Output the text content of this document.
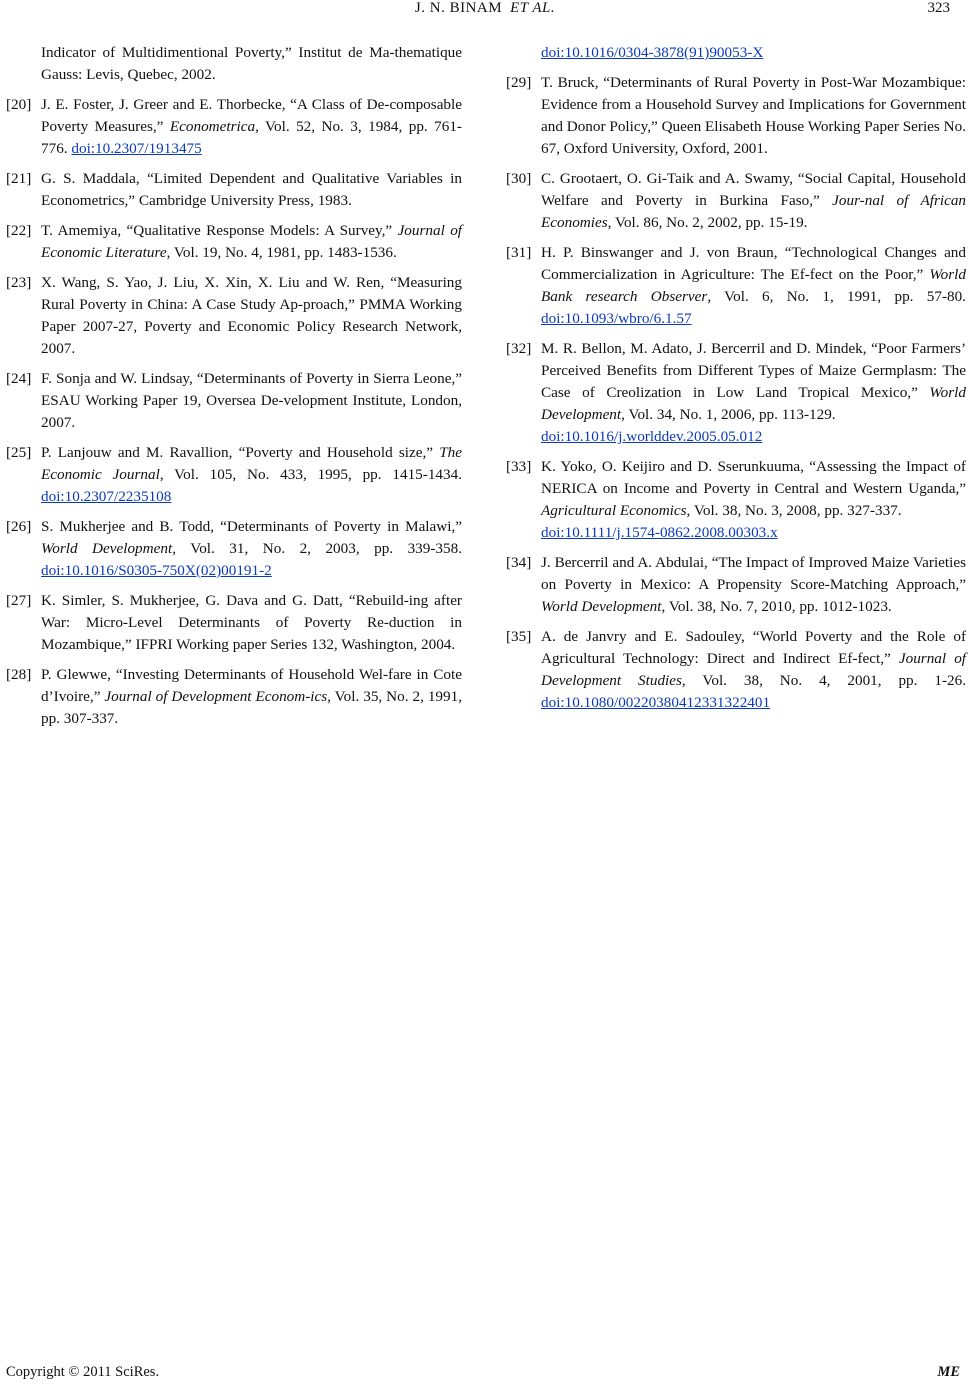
J. N. BINAM ET AL.	323
Indicator of Multidimentional Poverty,” Institut de Ma-thematique Gauss: Levis, Quebec, 2002.
[20] J. E. Foster, J. Greer and E. Thorbecke, “A Class of De-composable Poverty Measures,” Econometrica, Vol. 52, No. 3, 1984, pp. 761-776. doi:10.2307/1913475
[21] G. S. Maddala, “Limited Dependent and Qualitative Variables in Econometrics,” Cambridge University Press, 1983.
[22] T. Amemiya, “Qualitative Response Models: A Survey,” Journal of Economic Literature, Vol. 19, No. 4, 1981, pp. 1483-1536.
[23] X. Wang, S. Yao, J. Liu, X. Xin, X. Liu and W. Ren, “Measuring Rural Poverty in China: A Case Study Ap-proach,” PMMA Working Paper 2007-27, Poverty and Economic Policy Research Network, 2007.
[24] F. Sonja and W. Lindsay, “Determinants of Poverty in Sierra Leone,” ESAU Working Paper 19, Oversea De-velopment Institute, London, 2007.
[25] P. Lanjouw and M. Ravallion, “Poverty and Household size,” The Economic Journal, Vol. 105, No. 433, 1995, pp. 1415-1434. doi:10.2307/2235108
[26] S. Mukherjee and B. Todd, “Determinants of Poverty in Malawi,” World Development, Vol. 31, No. 2, 2003, pp. 339-358. doi:10.1016/S0305-750X(02)00191-2
[27] K. Simler, S. Mukherjee, G. Dava and G. Datt, “Rebuild-ing after War: Micro-Level Determinants of Poverty Re-duction in Mozambique,” IFPRI Working paper Series 132, Washington, 2004.
[28] P. Glewwe, “Investing Determinants of Household Wel-fare in Cote d’Ivoire,” Journal of Development Econom-ics, Vol. 35, No. 2, 1991, pp. 307-337.
doi:10.1016/0304-3878(91)90053-X
[29] T. Bruck, “Determinants of Rural Poverty in Post-War Mozambique: Evidence from a Household Survey and Implications for Government and Donor Policy,” Queen Elisabeth House Working Paper Series No. 67, Oxford University, Oxford, 2001.
[30] C. Grootaert, O. Gi-Taik and A. Swamy, “Social Capital, Household Welfare and Poverty in Burkina Faso,” Jour-nal of African Economies, Vol. 86, No. 2, 2002, pp. 15-19.
[31] H. P. Binswanger and J. von Braun, “Technological Changes and Commercialization in Agriculture: The Ef-fect on the Poor,” World Bank research Observer, Vol. 6, No. 1, 1991, pp. 57-80. doi:10.1093/wbro/6.1.57
[32] M. R. Bellon, M. Adato, J. Bercerril and D. Mindek, “Poor Farmers’ Perceived Benefits from Different Types of Maize Germplasm: The Case of Creolization in Low Land Tropical Mexico,” World Development, Vol. 34, No. 1, 2006, pp. 113-129.
doi:10.1016/j.worlddev.2005.05.012
[33] K. Yoko, O. Keijiro and D. Sserunkuuma, “Assessing the Impact of NERICA on Income and Poverty in Central and Western Uganda,” Agricultural Economics, Vol. 38, No. 3, 2008, pp. 327-337.
doi:10.1111/j.1574-0862.2008.00303.x
[34] J. Bercerril and A. Abdulai, “The Impact of Improved Maize Varieties on Poverty in Mexico: A Propensity Score-Matching Approach,” World Development, Vol. 38, No. 7, 2010, pp. 1012-1023.
[35] A. de Janvry and E. Sadouley, “World Poverty and the Role of Agricultural Technology: Direct and Indirect Ef-fect,” Journal of Development Studies, Vol. 38, No. 4, 2001, pp. 1-26. doi:10.1080/00220380412331322401
Copyright © 2011 SciRes.	ME
